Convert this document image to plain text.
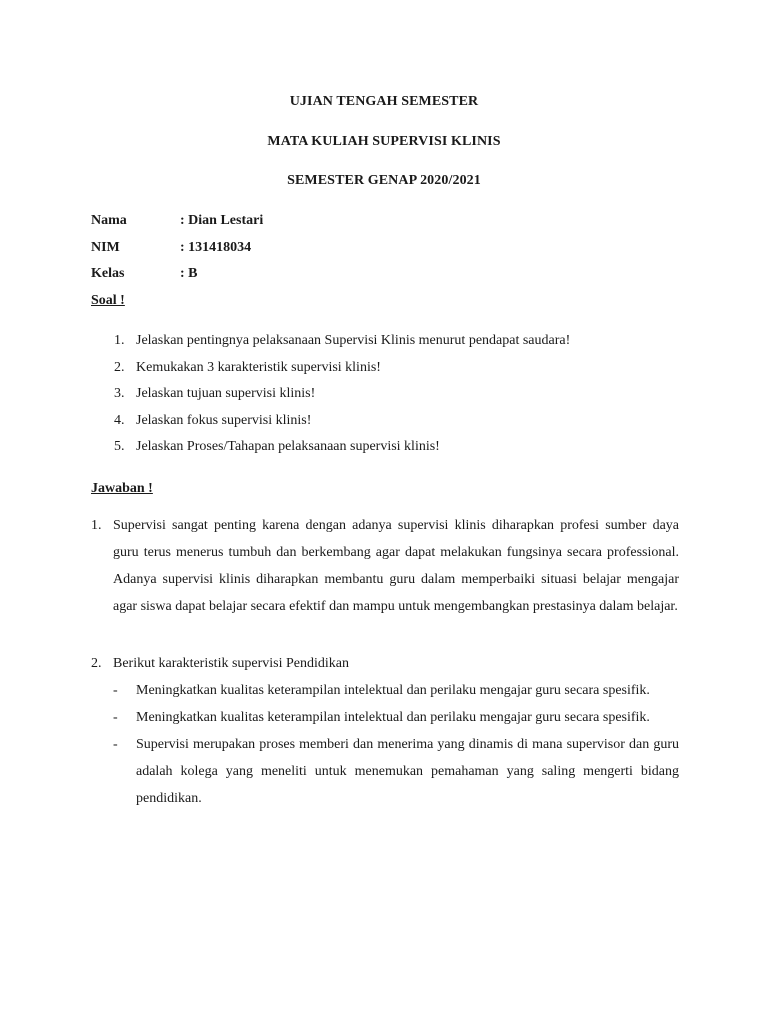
UJIAN TENGAH SEMESTER
MATA KULIAH SUPERVISI KLINIS
SEMESTER GENAP 2020/2021
Nama	: Dian Lestari
NIM	: 131418034
Kelas	: B
Soal !
1. Jelaskan pentingnya pelaksanaan Supervisi Klinis menurut pendapat saudara!
2. Kemukakan 3 karakteristik supervisi klinis!
3. Jelaskan tujuan supervisi klinis!
4. Jelaskan fokus supervisi klinis!
5. Jelaskan Proses/Tahapan pelaksanaan supervisi klinis!
Jawaban !
1. Supervisi sangat penting karena dengan adanya supervisi klinis diharapkan profesi sumber daya guru terus menerus tumbuh dan berkembang agar dapat melakukan fungsinya secara professional. Adanya supervisi klinis diharapkan membantu guru dalam memperbaiki situasi belajar mengajar agar siswa dapat belajar secara efektif dan mampu untuk mengembangkan prestasinya dalam belajar.
2. Berikut karakteristik supervisi Pendidikan
-	Meningkatkan kualitas keterampilan intelektual dan perilaku mengajar guru secara spesifik.
-	Meningkatkan kualitas keterampilan intelektual dan perilaku mengajar guru secara spesifik.
-	Supervisi merupakan proses memberi dan menerima yang dinamis di mana supervisor dan guru adalah kolega yang meneliti untuk menemukan pemahaman yang saling mengerti bidang pendidikan.
